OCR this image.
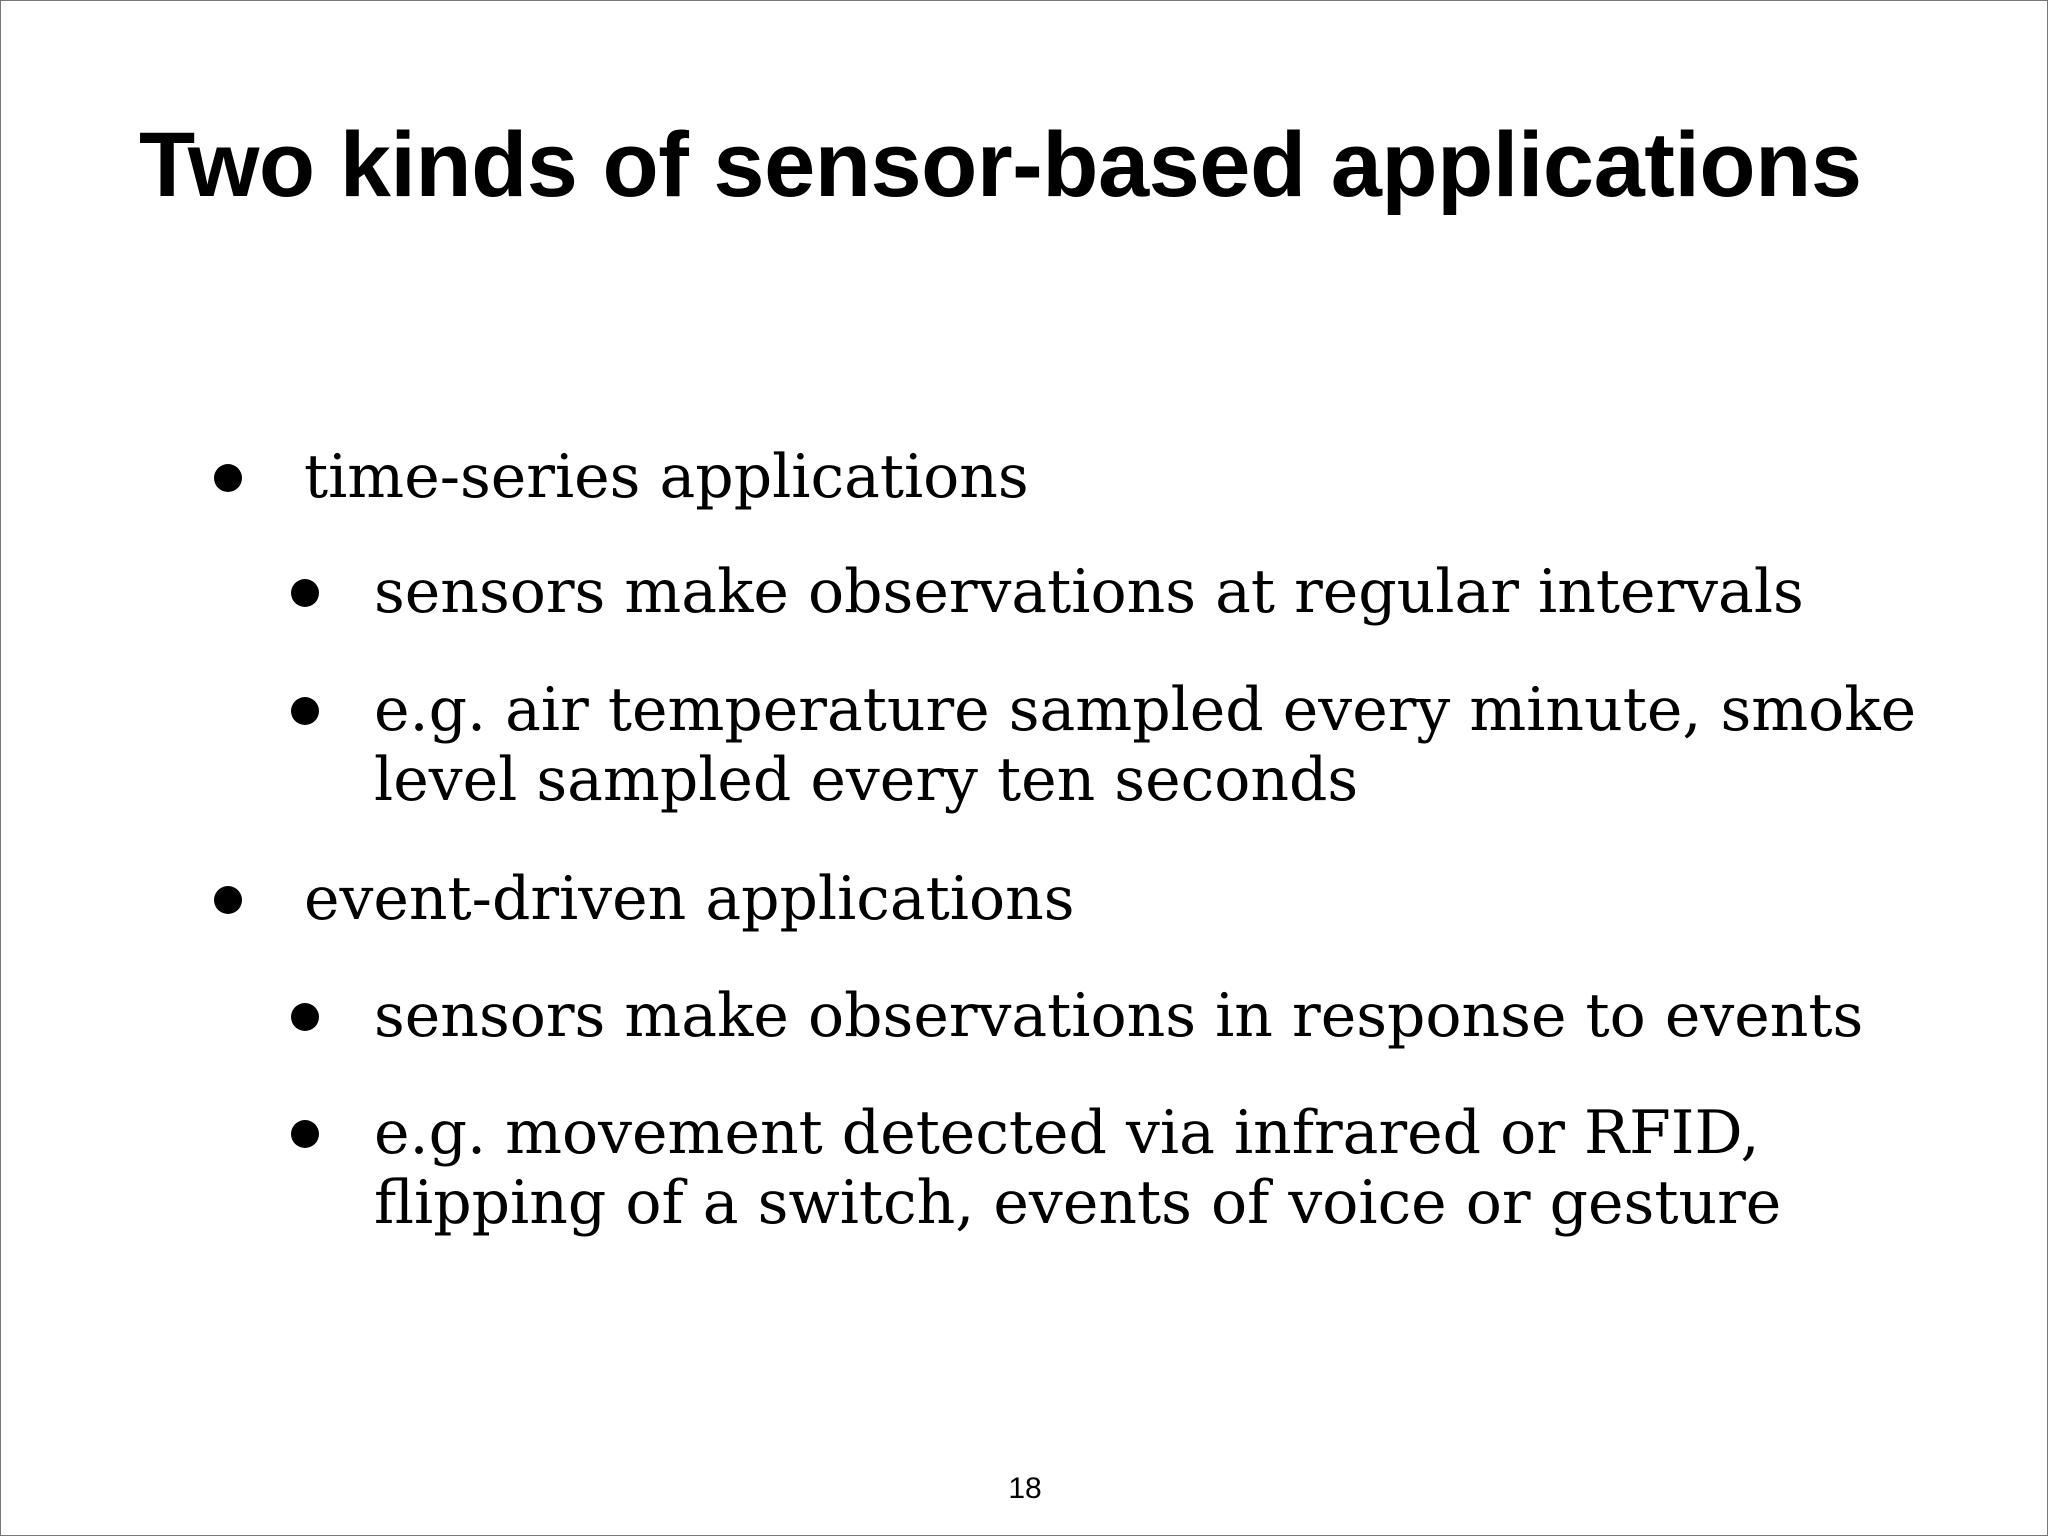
Two kinds of sensor-based applications
time-series applications
sensors make observations at regular intervals
e.g. air temperature sampled every minute, smoke
level sampled every ten seconds
event-driven applications
sensors make observations in response to events
e.g. movement detected via infrared or RFID,
flipping of a switch, events of voice or gesture
18
